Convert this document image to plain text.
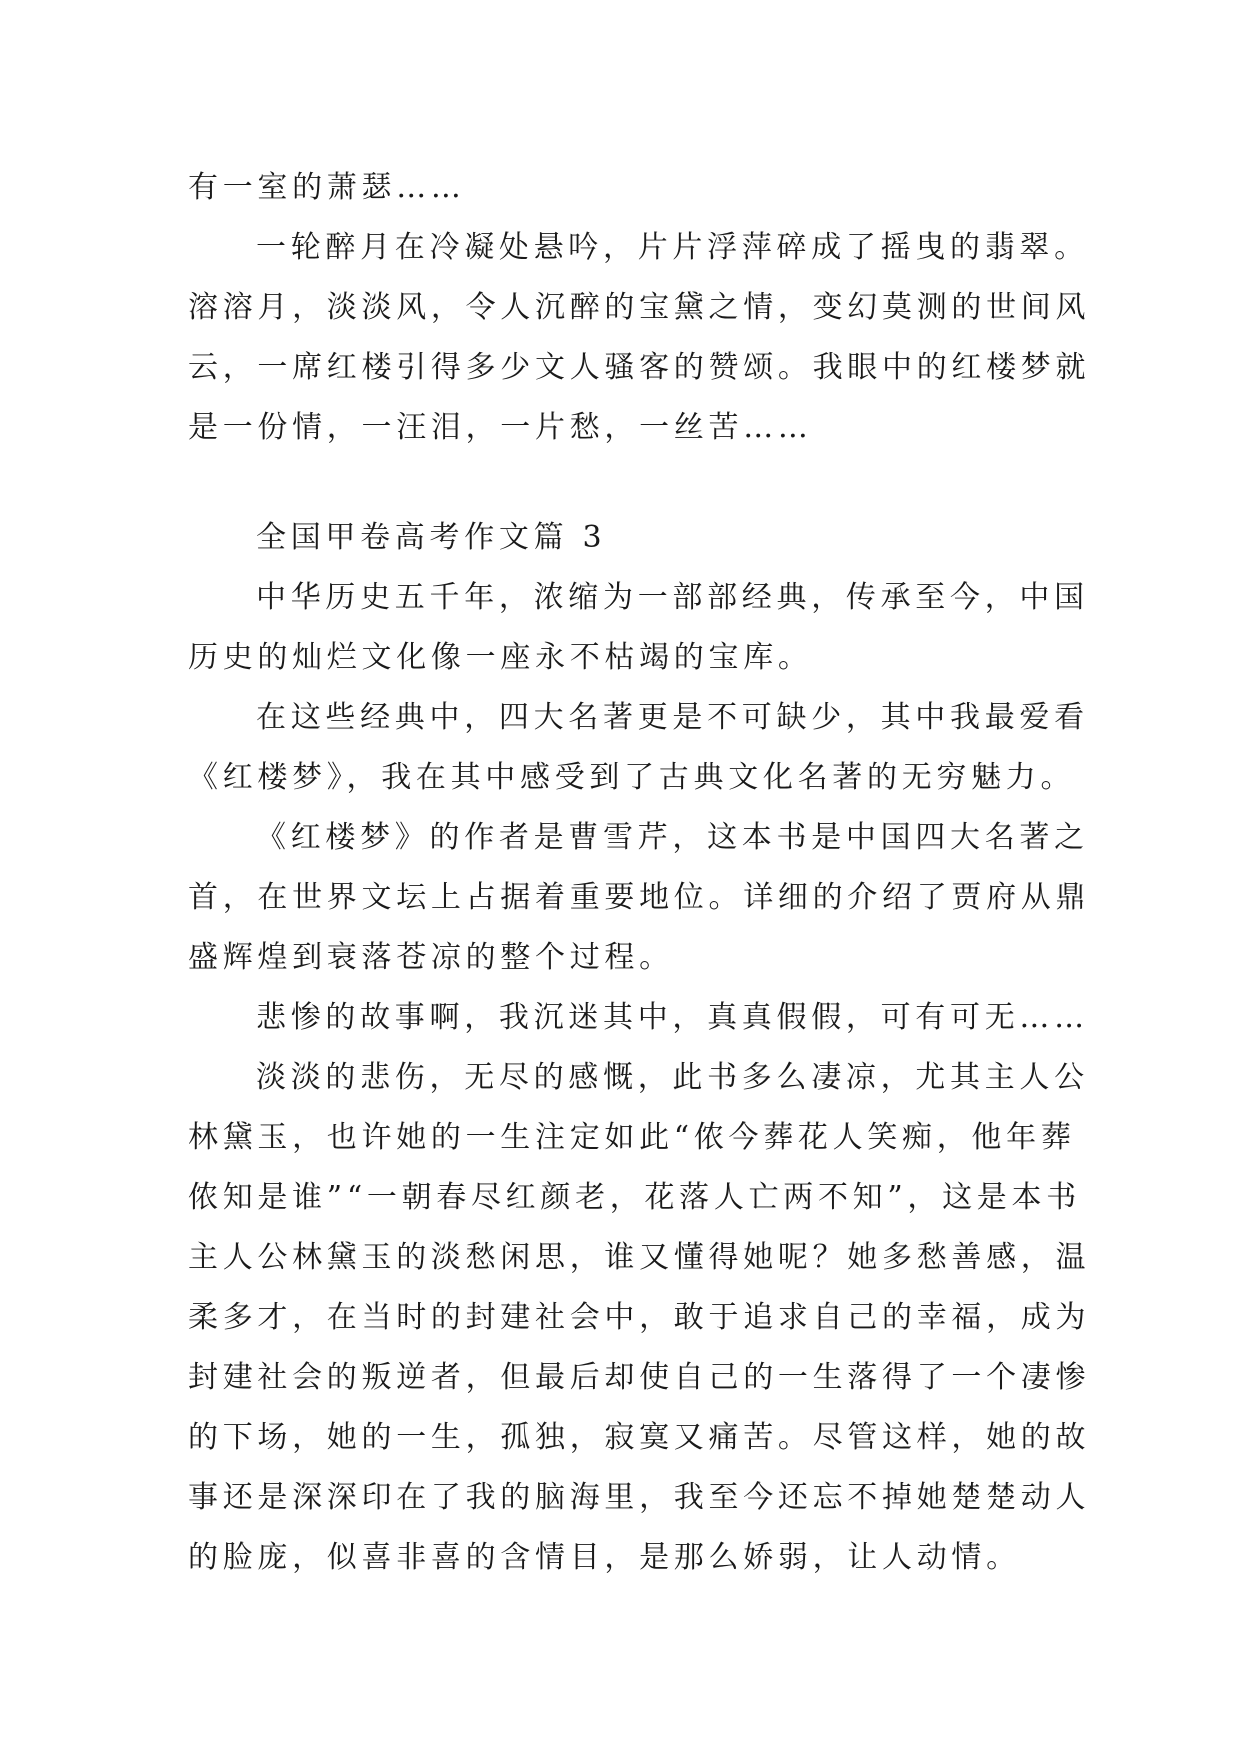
有一室的萧瑟……
一轮醉月在冷凝处悬吟，片片浮萍碎成了摇曳的翡翠。
溶溶月，淡淡风，令人沉醉的宝黛之情，变幻莫测的世间风
云，一席红楼引得多少文人骚客的赞颂。我眼中的红楼梦就
是一份情，一汪泪，一片愁，一丝苦……
全国甲卷高考作文篇 3
中华历史五千年，浓缩为一部部经典，传承至今，中国
历史的灿烂文化像一座永不枯竭的宝库。
在这些经典中，四大名著更是不可缺少，其中我最爱看
《红楼梦》，我在其中感受到了古典文化名著的无穷魅力。
《红楼梦》的作者是曹雪芹，这本书是中国四大名著之
首，在世界文坛上占据着重要地位。详细的介绍了贾府从鼎
盛辉煌到衰落苍凉的整个过程。
悲惨的故事啊，我沉迷其中，真真假假，可有可无……
淡淡的悲伤，无尽的感慨，此书多么凄凉，尤其主人公
林黛玉，也许她的一生注定如此“侬今葬花人笑痴，他年葬
侬知是谁”“一朝春尽红颜老，花落人亡两不知”，这是本书
主人公林黛玉的淡愁闲思，谁又懂得她呢？她多愁善感，温
柔多才，在当时的封建社会中，敢于追求自己的幸福，成为
封建社会的叛逆者，但最后却使自己的一生落得了一个凄惨
的下场，她的一生，孤独，寂寞又痛苦。尽管这样，她的故
事还是深深印在了我的脑海里，我至今还忘不掉她楚楚动人
的脸庞，似喜非喜的含情目，是那么娇弱，让人动情。
